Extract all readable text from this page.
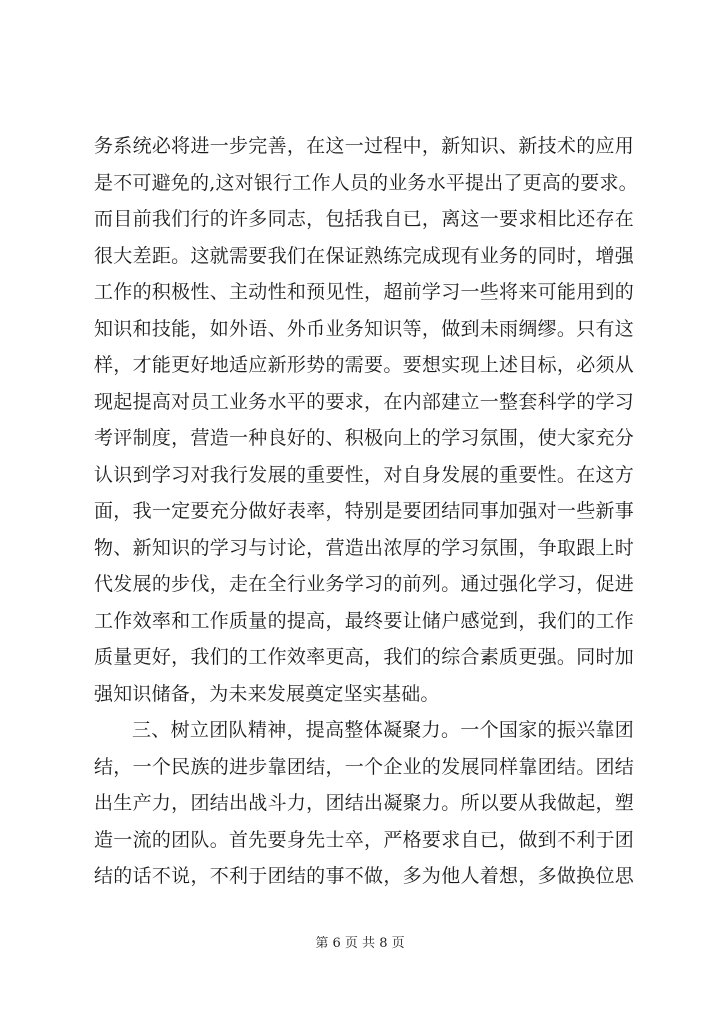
务系统必将进一步完善，在这一过程中，新知识、新技术的应用
是不可避免的,这对银行工作人员的业务水平提出了更高的要求。
而目前我们行的许多同志，包括我自已，离这一要求相比还存在
很大差距。这就需要我们在保证熟练完成现有业务的同时，增强
工作的积极性、主动性和预见性，超前学习一些将来可能用到的
知识和技能，如外语、外币业务知识等，做到未雨绸缪。只有这
样，才能更好地适应新形势的需要。要想实现上述目标，必须从
现起提高对员工业务水平的要求，在内部建立一整套科学的学习
考评制度，营造一种良好的、积极向上的学习氛围，使大家充分
认识到学习对我行发展的重要性，对自身发展的重要性。在这方
面，我一定要充分做好表率，特别是要团结同事加强对一些新事
物、新知识的学习与讨论，营造出浓厚的学习氛围，争取跟上时
代发展的步伐，走在全行业务学习的前列。通过强化学习，促进
工作效率和工作质量的提高，最终要让储户感觉到，我们的工作
质量更好，我们的工作效率更高，我们的综合素质更强。同时加
强知识储备，为未来发展奠定坚实基础。
三、树立团队精神，提高整体凝聚力。一个国家的振兴靠团
结，一个民族的进步靠团结，一个企业的发展同样靠团结。团结
出生产力，团结出战斗力，团结出凝聚力。所以要从我做起，塑
造一流的团队。首先要身先士卒，严格要求自已，做到不利于团
结的话不说，不利于团结的事不做，多为他人着想，多做换位思
第 6 页 共 8 页
